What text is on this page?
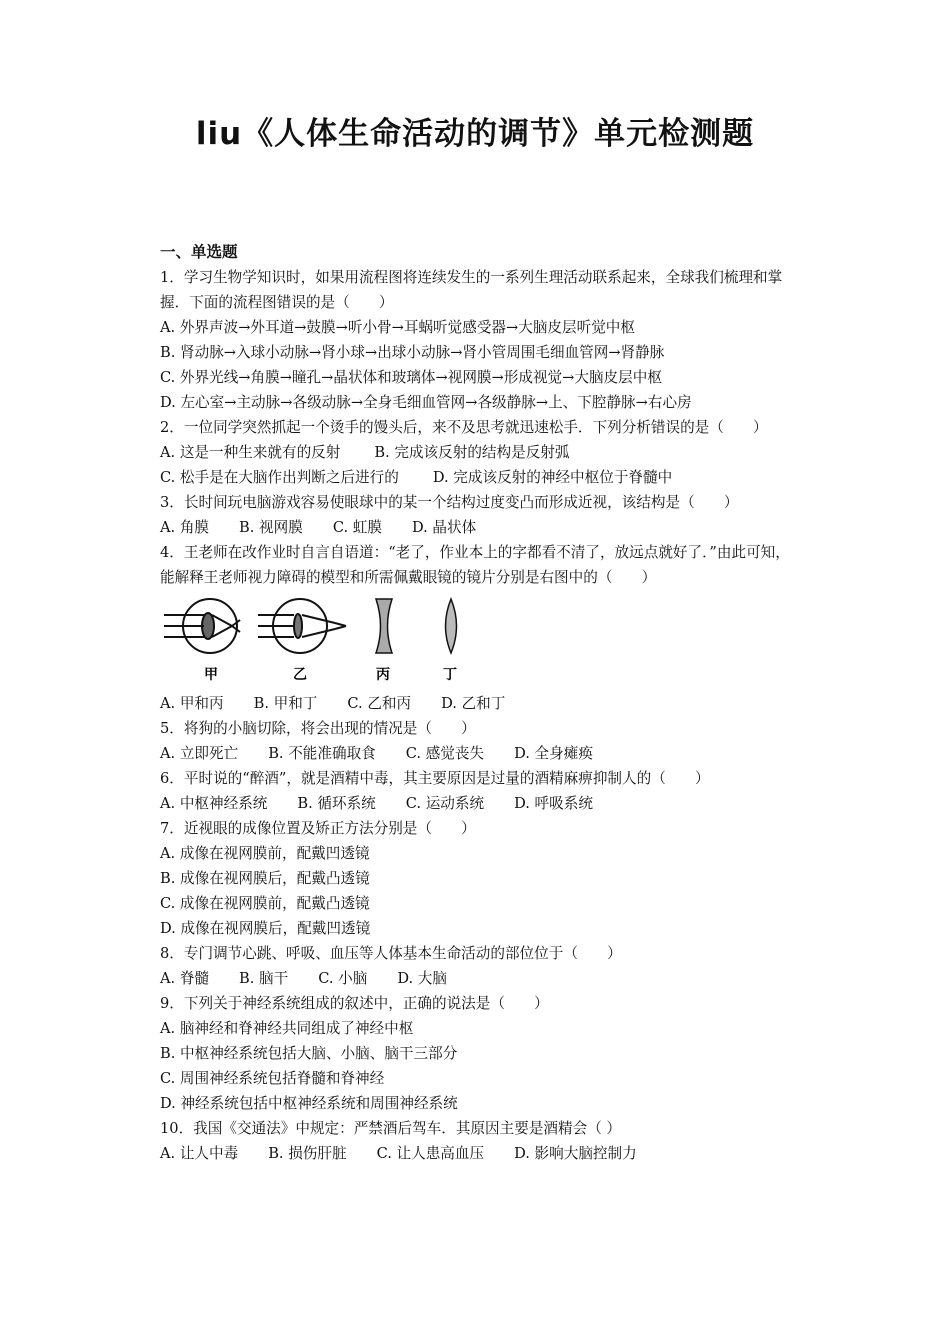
liu《人体生命活动的调节》单元检测题
一、单选题
1．学习生物学知识时，如果用流程图将连续发生的一系列生理活动联系起来，全球我们梳理和掌握．下面的流程图错误的是（　　）
A. 外界声波→外耳道→鼓膜→听小骨→耳蜗听觉感受器→大脑皮层听觉中枢
B. 肾动脉→入球小动脉→肾小球→出球小动脉→肾小管周围毛细血管网→肾静脉
C. 外界光线→角膜→瞳孔→晶状体和玻璃体→视网膜→形成视觉→大脑皮层中枢
D. 左心室→主动脉→各级动脉→全身毛细血管网→各级静脉→上、下腔静脉→右心房
2．一位同学突然抓起一个烫手的馒头后，来不及思考就迅速松手．下列分析错误的是（　　）
A. 这是一种生来就有的反射 B. 完成该反射的结构是反射弧
C. 松手是在大脑作出判断之后进行的 D. 完成该反射的神经中枢位于脊髓中
3．长时间玩电脑游戏容易使眼球中的某一个结构过度变凸而形成近视，该结构是（　　）
A. 角膜 B. 视网膜 C. 虹膜 D. 晶状体
4．王老师在改作业时自言自语道：“老了，作业本上的字都看不清了，放远点就好了．”由此可知，能解释王老师视力障碍的模型和所需佩戴眼镜的镜片分别是右图中的（　　）
甲	乙	丙	丁
A. 甲和丙 B. 甲和丁 C. 乙和丙 D. 乙和丁
5．将狗的小脑切除，将会出现的情况是（　　）
A. 立即死亡 B. 不能准确取食 C. 感觉丧失 D. 全身瘫痪
6．平时说的“醉酒”，就是酒精中毒，其主要原因是过量的酒精麻痹抑制人的（　　）
A. 中枢神经系统 B. 循环系统 C. 运动系统 D. 呼吸系统
7．近视眼的成像位置及矫正方法分别是（　　）
A. 成像在视网膜前，配戴凹透镜
B. 成像在视网膜后，配戴凸透镜
C. 成像在视网膜前，配戴凸透镜
D. 成像在视网膜后，配戴凹透镜
8．专门调节心跳、呼吸、血压等人体基本生命活动的部位位于（　　）
A. 脊髓 B. 脑干 C. 小脑 D. 大脑
9．下列关于神经系统组成的叙述中，正确的说法是（　　）
A. 脑神经和脊神经共同组成了神经中枢
B. 中枢神经系统包括大脑、小脑、脑干三部分
C. 周围神经系统包括脊髓和脊神经
D. 神经系统包括中枢神经系统和周围神经系统
10．我国《交通法》中规定：严禁酒后驾车．其原因主要是酒精会（ ）
A. 让人中毒 B. 损伤肝脏 C. 让人患高血压 D. 影响大脑控制力
